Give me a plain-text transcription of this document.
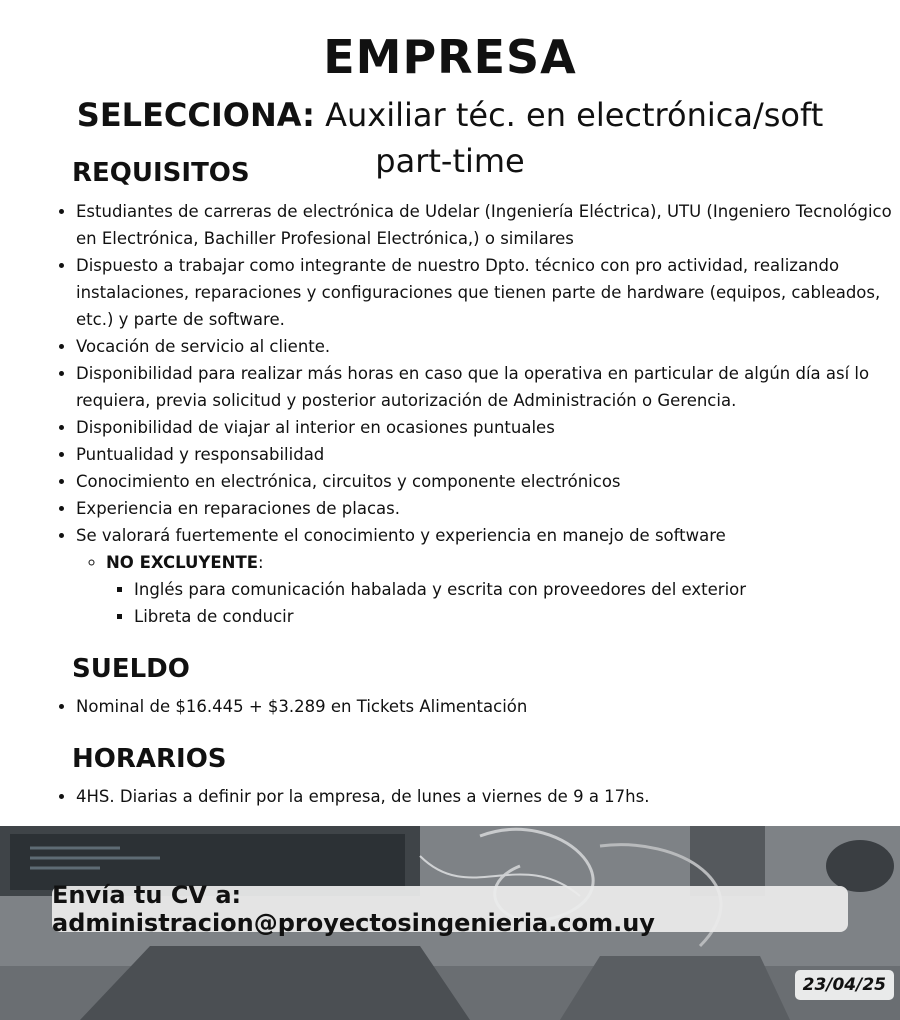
EMPRESA
SELECCIONA: Auxiliar téc. en electrónica/soft part-time
REQUISITOS
• Estudiantes de carreras de electrónica de Udelar (Ingeniería Eléctrica), UTU (Ingeniero Tecnológico en Electrónica, Bachiller Profesional Electrónica,) o similares
• Dispuesto a trabajar como integrante de nuestro Dpto. técnico con pro actividad, realizando instalaciones, reparaciones y configuraciones que tienen parte de hardware (equipos, cableados, etc.) y parte de software.
• Vocación de servicio al cliente.
• Disponibilidad para realizar más horas en caso que la operativa en particular de algún día así lo requiera, previa solicitud y posterior autorización de Administración o Gerencia.
• Disponibilidad de viajar al interior en ocasiones puntuales
• Puntualidad y responsabilidad
• Conocimiento en electrónica, circuitos y componente electrónicos
• Experiencia en reparaciones de placas.
• Se valorará fuertemente el conocimiento y experiencia en manejo de software
◦ NO EXCLUYENTE:
▪ Inglés para comunicación habalada y escrita con proveedores del exterior
▪ Libreta de conducir
SUELDO
• Nominal de $16.445 + $3.289 en Tickets Alimentación
HORARIOS
• 4HS. Diarias a definir por la empresa, de lunes a viernes de 9 a 17hs.
Envía tu CV a: administracion@proyectosingenieria.com.uy
23/04/25
